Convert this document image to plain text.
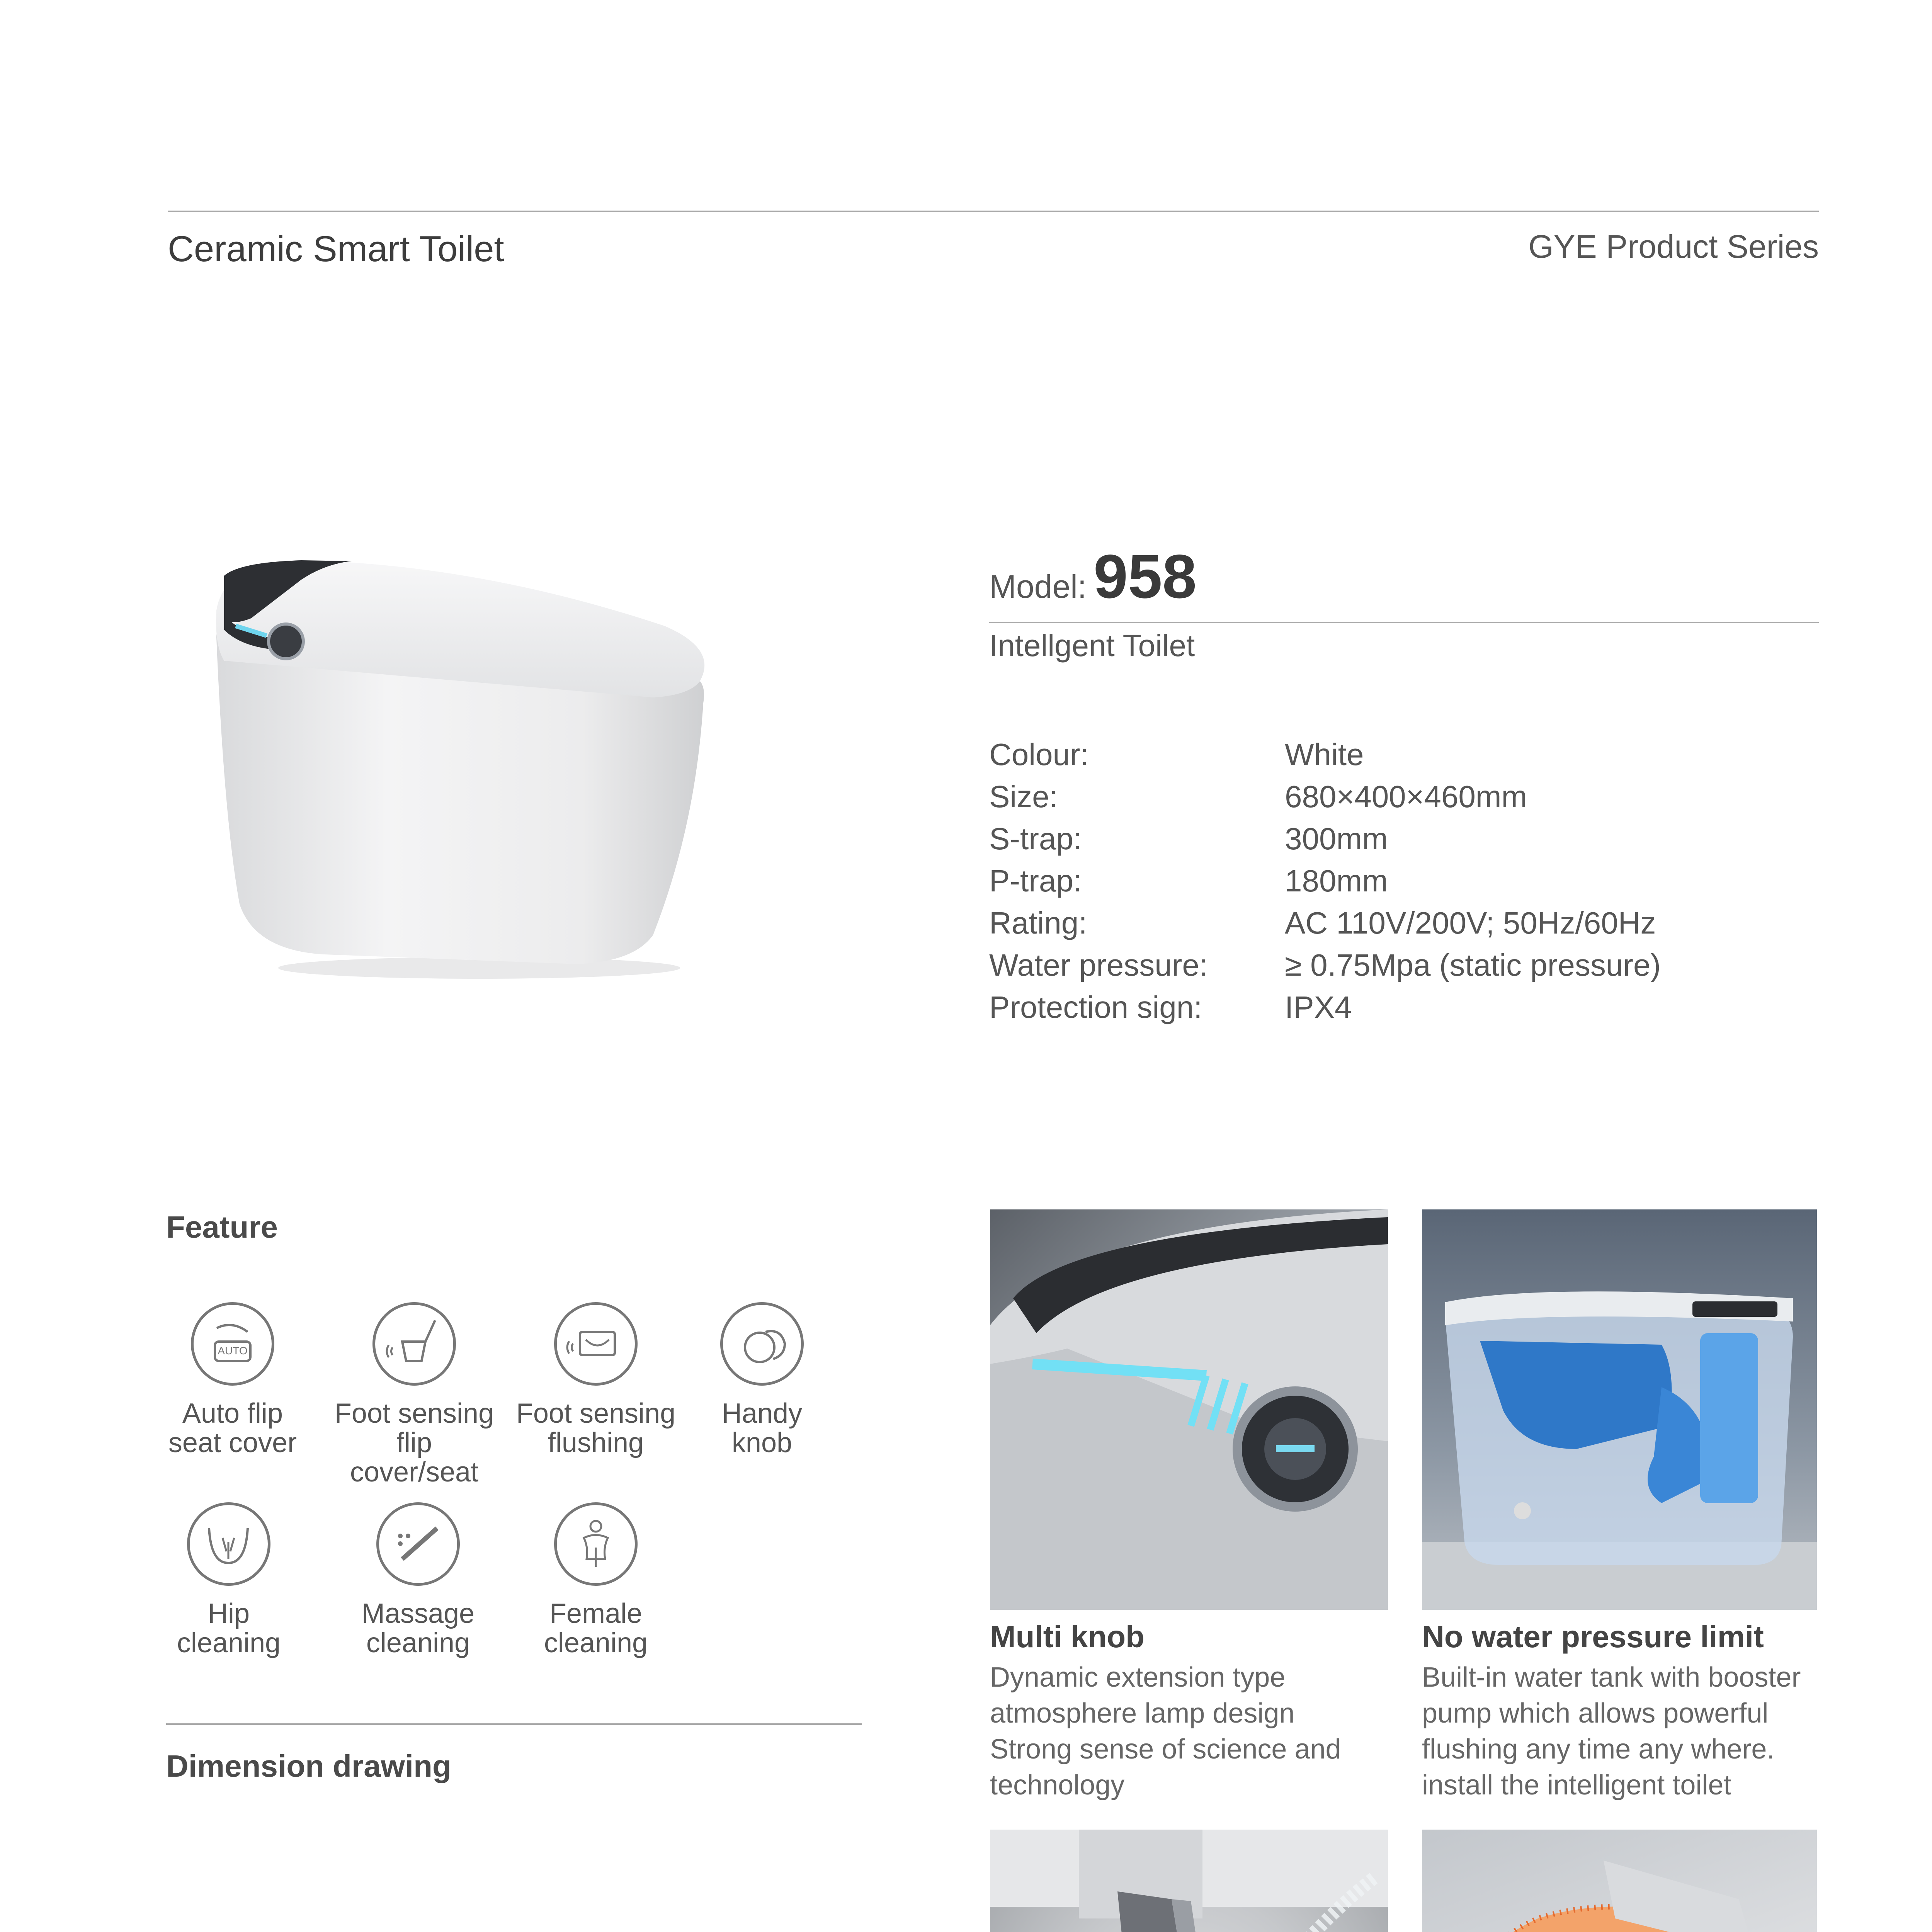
Ceramic Smart Toilet	GYE Product Series
Model: 958
Intellgent Toilet
Colour:	White
Size:	680×400×460mm
S-trap:	300mm
P-trap:	180mm
Rating:	AC 110V/200V; 50Hz/60Hz
Water pressure:	≥ 0.75Mpa (static pressure)
Protection sign:	IPX4
Feature
AUTO
Auto flip
seat cover
Foot sensing
flip cover/seat
Foot sensing
flushing
Handy
knob
Hip
cleaning
Massage
cleaning
Female
cleaning
Dimension drawing
Multi knob
Dynamic extension type
atmosphere lamp design
Strong sense of science and
technology
No water pressure limit
Built-in water tank with booster
pump which allows powerful
flushing any time any where.
install the intelligent toilet
